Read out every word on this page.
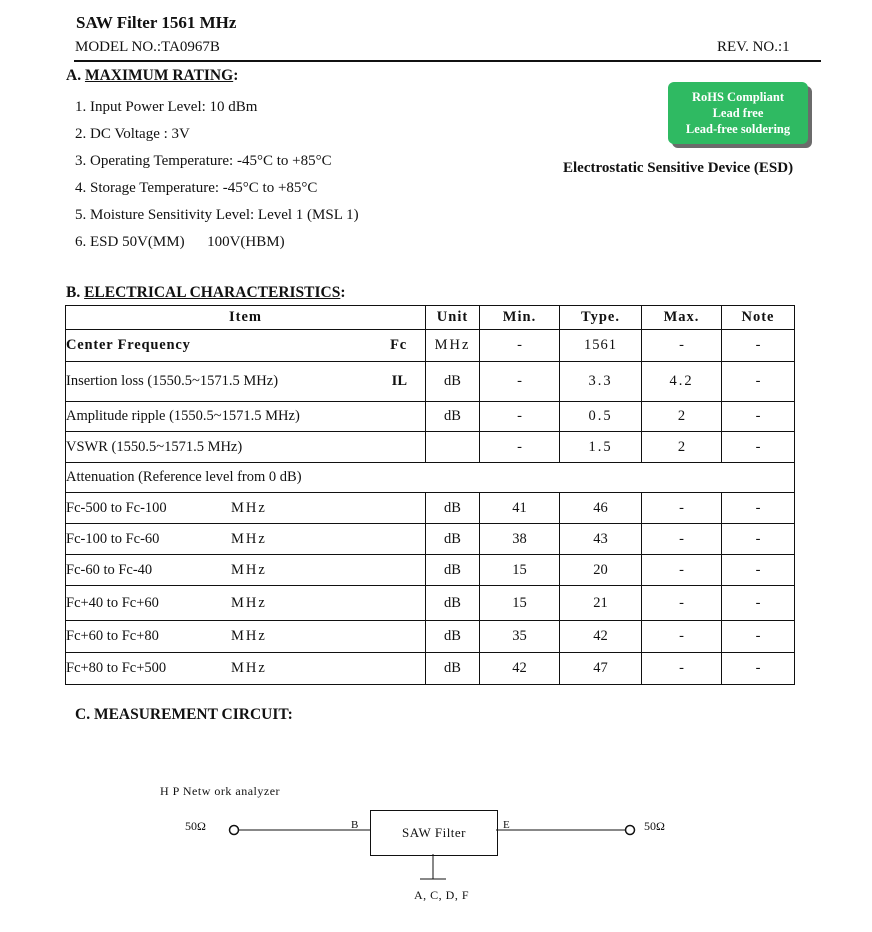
SAW Filter 1561 MHz
MODEL NO.:TA0967B	REV. NO.:1
A. MAXIMUM RATING:
1. Input Power Level: 10 dBm
2. DC Voltage : 3V
3. Operating Temperature: -45°C to +85°C
4. Storage Temperature: -45°C to +85°C
5. Moisture Sensitivity Level: Level 1 (MSL 1)
6. ESD 50V(MM)      100V(HBM)
RoHS Compliant
Lead free
Lead-free soldering
Electrostatic Sensitive Device (ESD)
B. ELECTRICAL CHARACTERISTICS:
Item	Unit	Min.	Type.	Max.	Note
Center Frequency Fc	MHz	-	1561	-	-
Insertion loss (1550.5~1571.5 MHz) IL	dB	-	3.3	4.2	-
Amplitude ripple (1550.5~1571.5 MHz)	dB	-	0.5	2	-
VSWR (1550.5~1571.5 MHz)		-	1.5	2	-
Attenuation (Reference level from 0 dB)					
Fc-500 to Fc-100 MHz	dB	41	46	-	-
Fc-100 to Fc-60 MHz	dB	38	43	-	-
Fc-60 to Fc-40 MHz	dB	15	20	-	-
Fc+40 to Fc+60 MHz	dB	15	21	-	-
Fc+60 to Fc+80 MHz	dB	35	42	-	-
Fc+80 to Fc+500 MHz	dB	42	47	-	-
C. MEASUREMENT CIRCUIT:
H P Netw ork analyzer
50Ω	50Ω
B	E
SAW Filter
A, C, D, F
